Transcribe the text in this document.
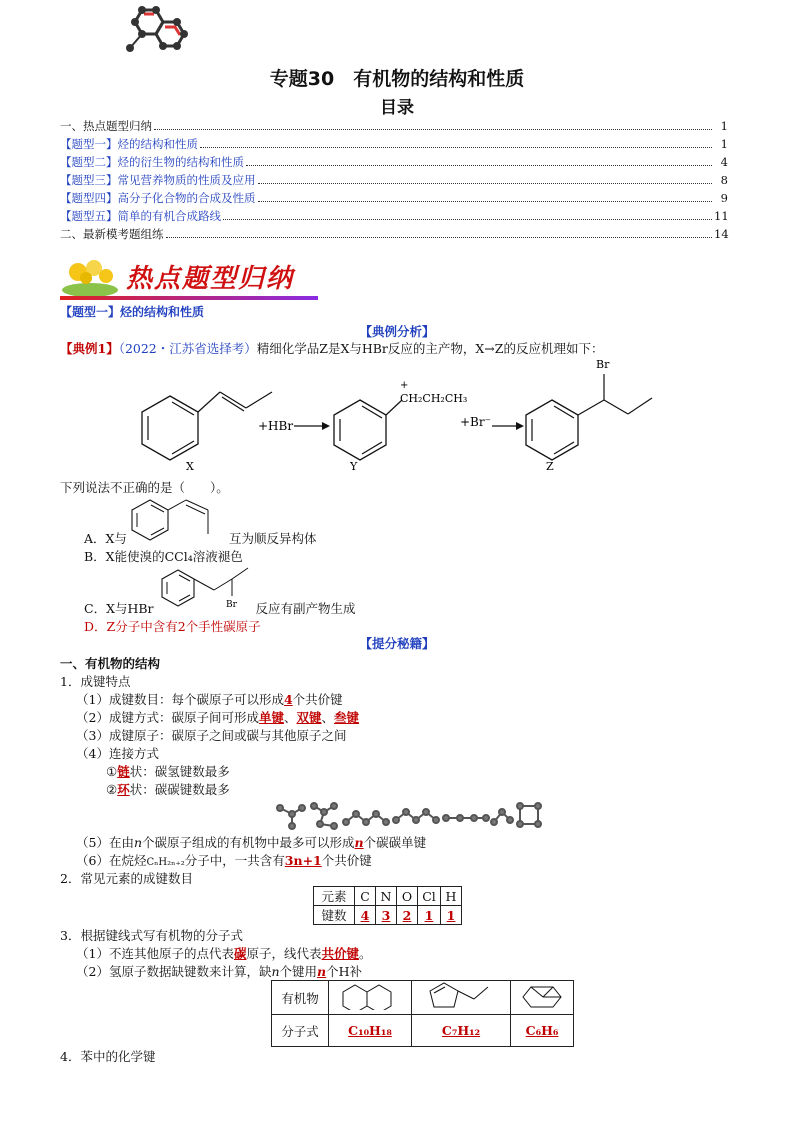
专题30　有机物的结构和性质
目录
一、热点题型归纳	1
【题型一】烃的结构和性质	1
【题型二】烃的衍生物的结构和性质	4
【题型三】常见营养物质的性质及应用	8
【题型四】高分子化合物的合成及性质	9
【题型五】简单的有机合成路线	11
二、最新模考题组练	14
热点题型归纳
【题型一】烃的结构和性质
【典例分析】
【典例1】（2022・江苏省选择考）精细化学品Z是X与HBr反应的主产物，X→Z的反应机理如下：
X
+HBr
+
CH₂CH₂CH₃
Y
+Br⁻
Br
Z
下列说法不正确的是（　　）。
A．X与	互为顺反异构体
B．X能使溴的CCl₄溶液褪色
Br
C．X与HBr	反应有副产物生成
D．Z分子中含有2个手性碳原子
【提分秘籍】
一、有机物的结构
1．成键特点
（1）成键数目：每个碳原子可以形成4个共价键
（2）成键方式：碳原子间可形成单键、双键、叁键
（3）成键原子：碳原子之间或碳与其他原子之间
（4）连接方式
①链状：碳氢键数最多
②环状：碳碳键数最多
（5）在由n个碳原子组成的有机物中最多可以形成n个碳碳单键
（6）在烷烃CₙH₂ₙ₊₂分子中，一共含有3n+1个共价键
2．常见元素的成键数目
元素	C	N	O	Cl	H
键数	4	3	2	1	1
3．根据键线式写有机物的分子式
（1）不连其他原子的点代表碳原子，线代表共价键。
（2）氢原子数据缺键数来计算，缺n个键用n个H补
有机物			
分子式	C₁₀H₁₈	C₇H₁₂	C₆H₆
4．苯中的化学键
